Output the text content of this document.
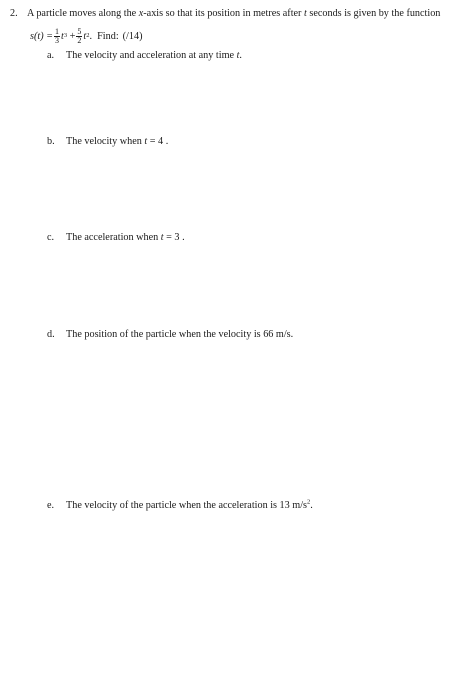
2. A particle moves along the x-axis so that its position in metres after t seconds is given by the function
$s(t) = \frac{1}{3}$ t 3
+ $\frac{5}{2}$ t 2 .
Find: (/14)
a. The velocity and acceleration at any time t.
b. The velocity when t = 4 .
c. The acceleration when t = 3 .
d. The position of the particle when the velocity is 66 m/s.
e. The velocity of the particle when the acceleration is 13 $m/s^2$.
